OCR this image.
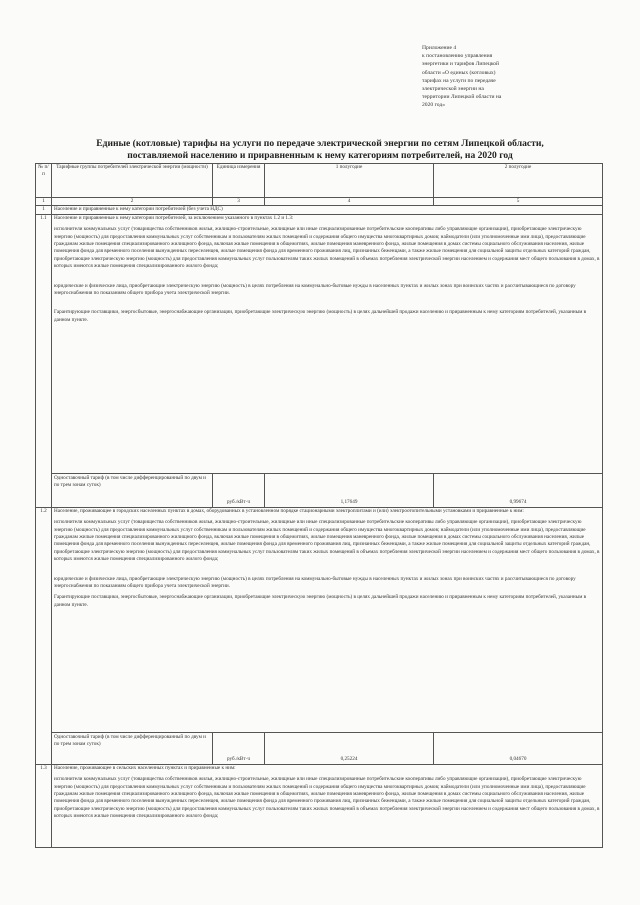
Приложение 4
к постановлению управления
энергетики и тарифов Липецкой
области «О единых (котловых)
тарифах на услуги по передаче
электрической энергии на
территории Липецкой области на
2020 год»
Единые (котловые) тарифы на услуги по передаче электрической энергии по сетям Липецкой области,
поставляемой населению и приравненным к нему категориям потребителей, на 2020 год
№ п/п	Тарифные группы потребителей электрической энергии (мощности)	Единица измерения	1 полугодие	2 полугодие
1	2	3	4	5
1	Население и приравненные к нему категории потребителей (без учета НДС)			
1.1	Население и приравненные к нему категории потребителей, за исключением указанного в пунктах 1.2 и 1.3:
исполнители коммунальных услуг (товарищества собственников жилья, жилищно-строительные, жилищные или иные специализированные потребительские кооперативы либо управляющие организации), приобретающие электрическую энергию (мощность) для предоставления коммунальных услуг собственникам и пользователям жилых помещений и содержания общего имущества многоквартирных домов; наймодатели (или уполномоченные ими лица), предоставляющие гражданам жилые помещения специализированного жилищного фонда, включая жилые помещения в общежитиях, жилые помещения маневренного фонда, жилые помещения в домах системы социального обслуживания населения, жилые помещения фонда для временного поселения вынужденных переселенцев, жилые помещения фонда для временного проживания лиц, признанных беженцами, а также жилые помещения для социальной защиты отдельных категорий граждан, приобретающие электрическую энергию (мощность) для предоставления коммунальных услуг пользователям таких жилых помещений в объемах потребления электрической энергии населением и содержания мест общего пользования в домах, в которых имеются жилые помещения специализированного жилого фонда;
юридические и физические лица, приобретающие электрическую энергию (мощность) в целях потребления на коммунально-бытовые нужды в населенных пунктах и жилых зонах при воинских частях и рассчитывающиеся по договору энергоснабжения по показаниям общего прибора учета электрической энергии.
Гарантирующие поставщики, энергосбытовые, энергоснабжающие организации, приобретающие электрическую энергию (мощность) в целях дальнейшей продажи населению и приравненным к нему категориям потребителей, указанным в данном пункте.			

	Одноставочный тариф (в том числе дифференцированный по двум и по трем зонам суток)	руб./кВт·ч	1,17649	0,99674
1.2	Население, проживающее в городских населенных пунктах в домах, оборудованных в установленном порядке стационарными электроплитами и (или) электроотопительными установками и приравненные к ним:
исполнители коммунальных услуг (товарищества собственников жилья, жилищно-строительные, жилищные или иные специализированные потребительские кооперативы либо управляющие организации), приобретающие электрическую энергию (мощность) для предоставления коммунальных услуг собственникам и пользователям жилых помещений и содержания общего имущества многоквартирных домов; наймодатели (или уполномоченные ими лица), предоставляющие гражданам жилые помещения специализированного жилищного фонда, включая жилые помещения в общежитиях, жилые помещения маневренного фонда, жилые помещения в домах системы социального обслуживания населения, жилые помещения фонда для временного поселения вынужденных переселенцев, жилые помещения фонда для временного проживания лиц, признанных беженцами, а также жилые помещения для социальной защиты отдельных категорий граждан, приобретающие электрическую энергию (мощность) для предоставления коммунальных услуг пользователям таких жилых помещений в объемах потребления электрической энергии населением и содержания мест общего пользования в домах, в которых имеются жилые помещения специализированного жилого фонда;
юридические и физические лица, приобретающие электрическую энергию (мощность) в целях потребления на коммунально-бытовые нужды в населенных пунктах и жилых зонах при воинских частях и рассчитывающиеся по договору энергоснабжения по показаниям общего прибора учета электрической энергии.
Гарантирующие поставщики, энергосбытовые, энергоснабжающие организации, приобретающие электрическую энергию (мощность) в целях дальнейшей продажи населению и приравненным к нему категориям потребителей, указанным в данном пункте.			

	Одноставочный тариф (в том числе дифференцированный по двум и по трем зонам суток)	руб./кВт·ч	0,25224	0,04670
1.3	Население, проживающее в сельских населенных пунктах и приравненные к ним:
исполнители коммунальных услуг (товарищества собственников жилья, жилищно-строительные, жилищные или иные специализированные потребительские кооперативы либо управляющие организации), приобретающие электрическую энергию (мощность) для предоставления коммунальных услуг собственникам и пользователям жилых помещений и содержания общего имущества многоквартирных домов; наймодатели (или уполномоченные ими лица), предоставляющие гражданам жилые помещения специализированного жилищного фонда, включая жилые помещения в общежитиях, жилые помещения маневренного фонда, жилые помещения в домах системы социального обслуживания населения, жилые помещения фонда для временного поселения вынужденных переселенцев, жилые помещения фонда для временного проживания лиц, признанных беженцами, а также жилые помещения для социальной защиты отдельных категорий граждан, приобретающие электрическую энергию (мощность) для предоставления коммунальных услуг пользователям таких жилых помещений в объемах потребления электрической энергии населением и содержания мест общего пользования в домах, в которых имеются жилые помещения специализированного жилого фонда;			
